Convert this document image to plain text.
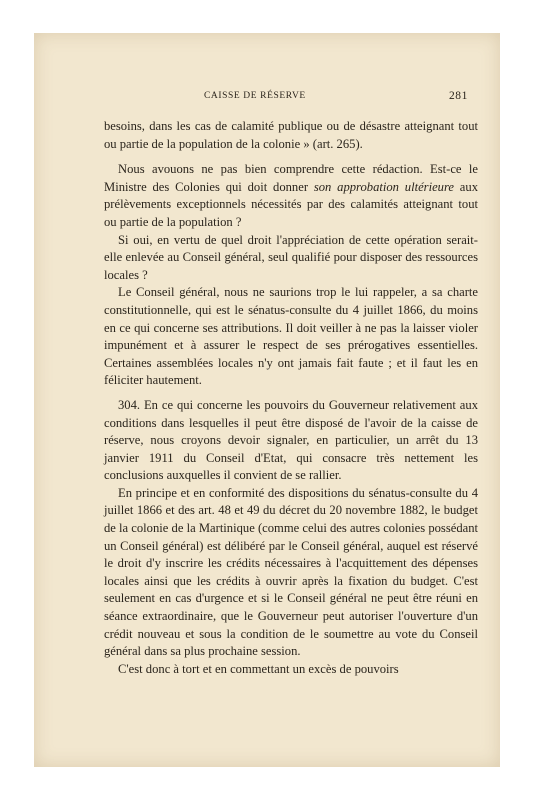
CAISSE DE RÉSERVE	281

besoins, dans les cas de calamité publique ou de désastre atteignant tout ou partie de la population de la colonie » (art. 265).

Nous avouons ne pas bien comprendre cette rédaction. Est-ce le Ministre des Colonies qui doit donner son approbation ultérieure aux prélèvements exceptionnels nécessités par des calamités atteignant tout ou partie de la population ?

Si oui, en vertu de quel droit l'appréciation de cette opération serait-elle enlevée au Conseil général, seul qualifié pour disposer des ressources locales ?

Le Conseil général, nous ne saurions trop le lui rappeler, a sa charte constitutionnelle, qui est le sénatus-consulte du 4 juillet 1866, du moins en ce qui concerne ses attributions. Il doit veiller à ne pas la laisser violer impunément et à assurer le respect de ses prérogatives essentielles. Certaines assemblées locales n'y ont jamais fait faute ; et il faut les en féliciter hautement.

304. En ce qui concerne les pouvoirs du Gouverneur relativement aux conditions dans lesquelles il peut être disposé de l'avoir de la caisse de réserve, nous croyons devoir signaler, en particulier, un arrêt du 13 janvier 1911 du Conseil d'Etat, qui consacre très nettement les conclusions auxquelles il convient de se rallier.

En principe et en conformité des dispositions du sénatus-consulte du 4 juillet 1866 et des art. 48 et 49 du décret du 20 novembre 1882, le budget de la colonie de la Martinique (comme celui des autres colonies possédant un Conseil général) est délibéré par le Conseil général, auquel est réservé le droit d'y inscrire les crédits nécessaires à l'acquittement des dépenses locales ainsi que les crédits à ouvrir après la fixation du budget. C'est seulement en cas d'urgence et si le Conseil général ne peut être réuni en séance extraordinaire, que le Gouverneur peut autoriser l'ouverture d'un crédit nouveau et sous la condition de le soumettre au vote du Conseil général dans sa plus prochaine session.

C'est donc à tort et en commettant un excès de pouvoirs
